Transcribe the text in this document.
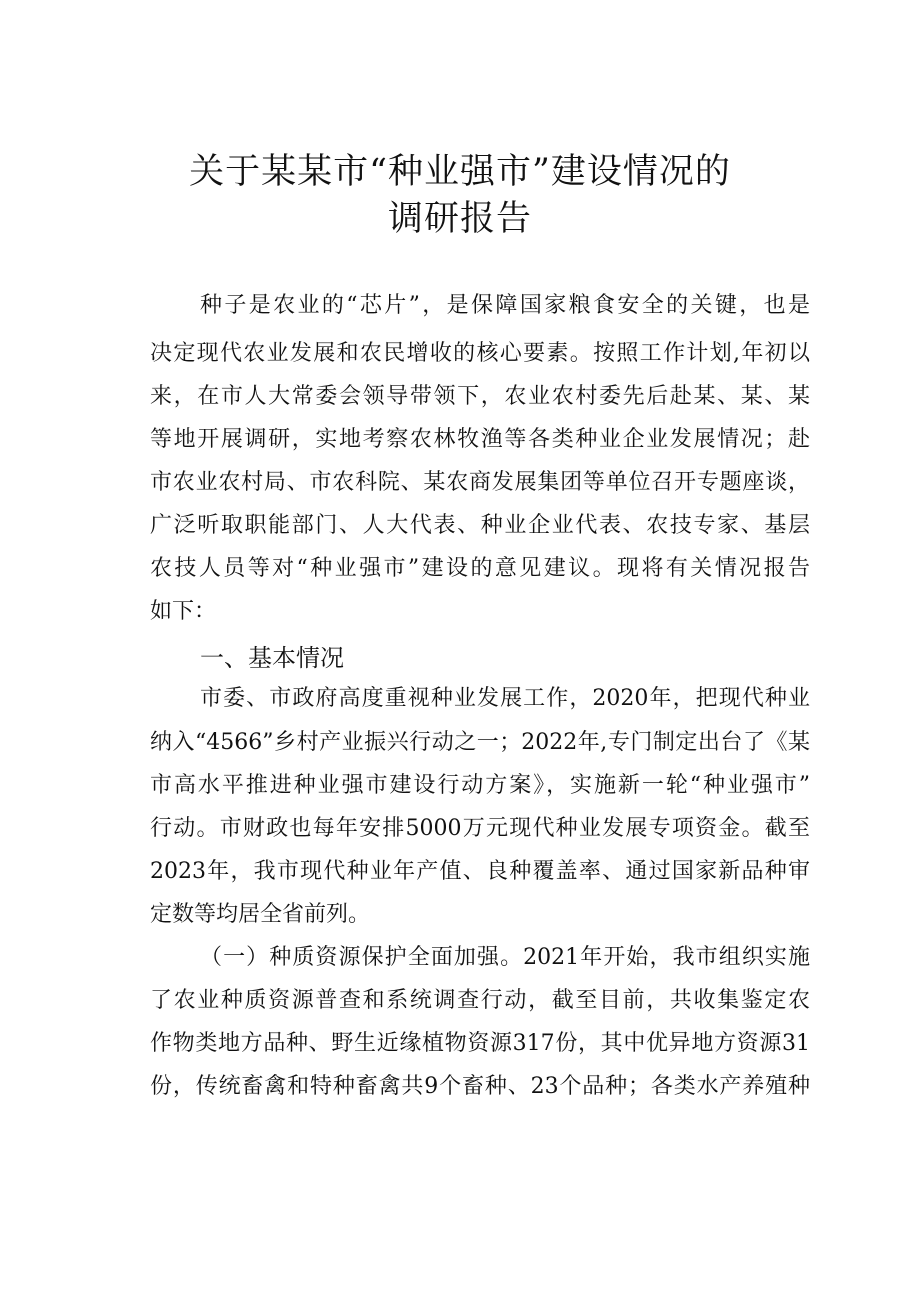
关于某某市“种业强市”建设情况的
调研报告
种子是农业的“芯片”，是保障国家粮食安全的关键，也是
决定现代农业发展和农民增收的核心要素。按照工作计划,年初以
来，在市人大常委会领导带领下，农业农村委先后赴某、某、某
等地开展调研，实地考察农林牧渔等各类种业企业发展情况；赴
市农业农村局、市农科院、某农商发展集团等单位召开专题座谈，
广泛听取职能部门、人大代表、种业企业代表、农技专家、基层
农技人员等对“种业强市”建设的意见建议。现将有关情况报告
如下：
一、基本情况
市委、市政府高度重视种业发展工作，2020年，把现代种业
纳入“4566”乡村产业振兴行动之一；2022年,专门制定出台了《某
市高水平推进种业强市建设行动方案》，实施新一轮“种业强市”
行动。市财政也每年安排5000万元现代种业发展专项资金。截至
2023年，我市现代种业年产值、良种覆盖率、通过国家新品种审
定数等均居全省前列。
（一）种质资源保护全面加强。2021年开始，我市组织实施
了农业种质资源普查和系统调查行动，截至目前，共收集鉴定农
作物类地方品种、野生近缘植物资源317份，其中优异地方资源31
份，传统畜禽和特种畜禽共9个畜种、23个品种；各类水产养殖种
